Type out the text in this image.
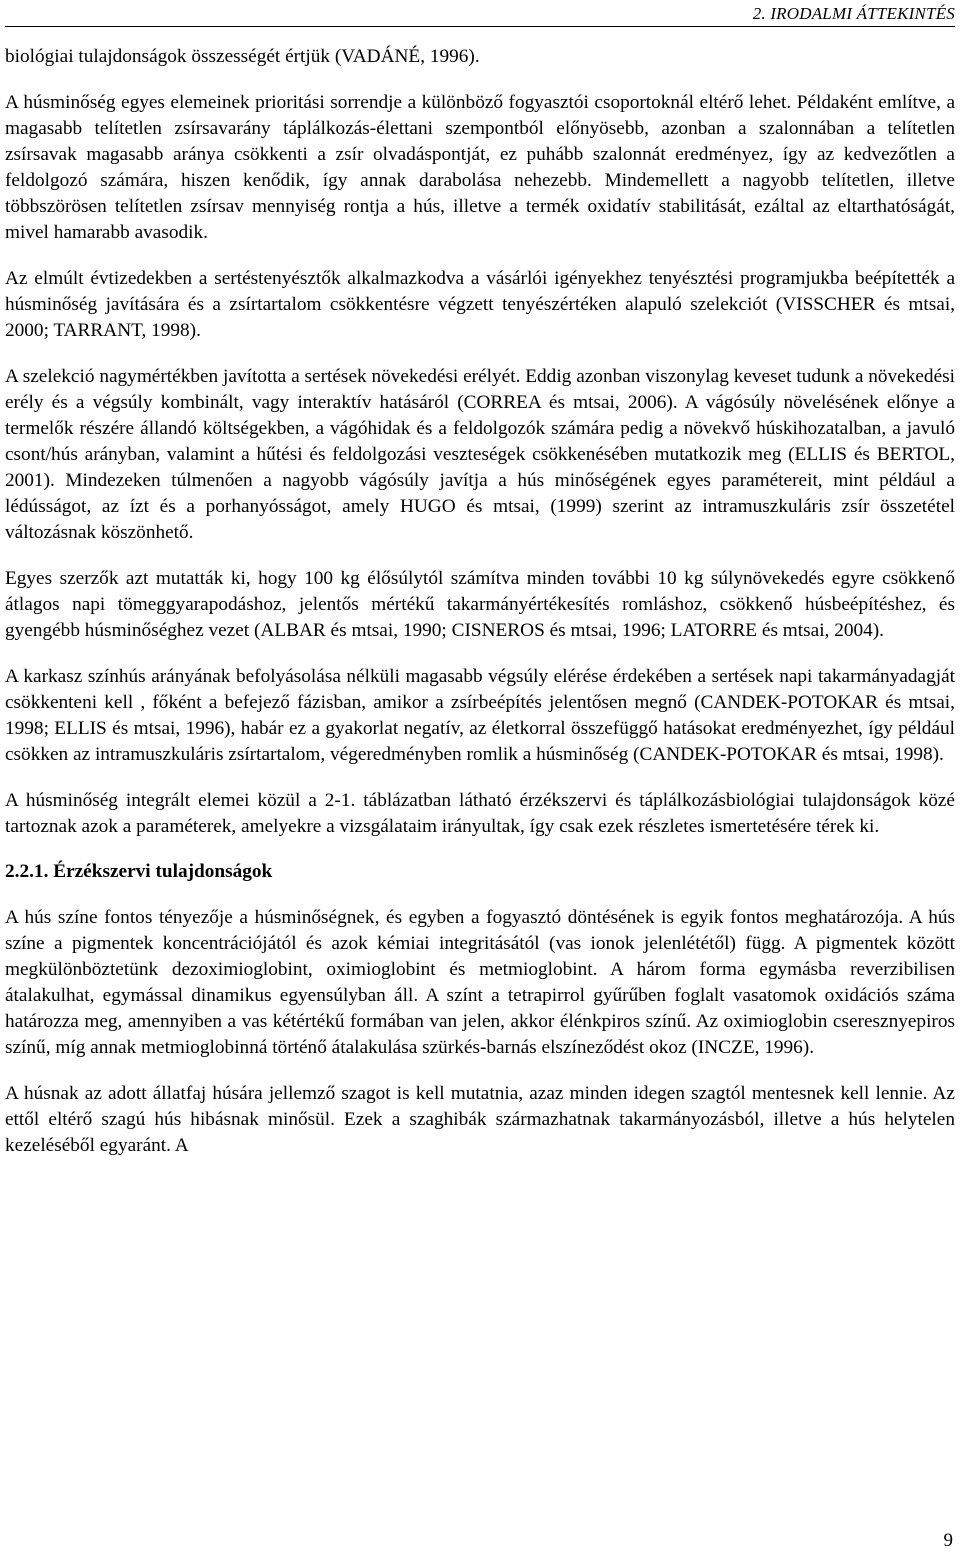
2. IRODALMI ÁTTEKINTÉS

biológiai tulajdonságok összességét értjük (VADÁNÉ, 1996).

A húsminőség egyes elemeinek prioritási sorrendje a különböző fogyasztói csoportoknál eltérő lehet. Példaként említve, a magasabb telítetlen zsírsavarány táplálkozás-élettani szempontból előnyösebb, azonban a szalonnában a telítetlen zsírsavak magasabb aránya csökkenti a zsír olvadáspontját, ez puhább szalonnát eredményez, így az kedvezőtlen a feldolgozó számára, hiszen kenődik, így annak darabolása nehezebb. Mindemellett a nagyobb telítetlen, illetve többszörösen telítetlen zsírsav mennyiség rontja a hús, illetve a termék oxidatív stabilitását, ezáltal az eltarthatóságát, mivel hamarabb avasodik.

Az elmúlt évtizedekben a sertéstenyésztők alkalmazkodva a vásárlói igényekhez tenyésztési programjukba beépítették a húsminőség javítására és a zsírtartalom csökkentésre végzett tenyészértéken alapuló szelekciót (VISSCHER és mtsai, 2000; TARRANT, 1998).

A szelekció nagymértékben javította a sertések növekedési erélyét. Eddig azonban viszonylag keveset tudunk a növekedési erély és a végsúly kombinált, vagy interaktív hatásáról (CORREA és mtsai, 2006). A vágósúly növelésének előnye a termelők részére állandó költségekben, a vágóhidak és a feldolgozók számára pedig a növekvő húskihozatalban, a javuló csont/hús arányban, valamint a hűtési és feldolgozási veszteségek csökkenésében mutatkozik meg (ELLIS és BERTOL, 2001). Mindezeken túlmenően a nagyobb vágósúly javítja a hús minőségének egyes paramétereit, mint például a lédússágot, az ízt és a porhanyósságot, amely HUGO és mtsai, (1999) szerint az intramuszkuláris zsír összetétel változásnak köszönhető.

Egyes szerzők azt mutatták ki, hogy 100 kg élősúlytól számítva minden további 10 kg súlynövekedés egyre csökkenő átlagos napi tömeggyarapodáshoz, jelentős mértékű takarmányértékesítés romláshoz, csökkenő húsbeépítéshez, és gyengébb húsminőséghez vezet (ALBAR és mtsai, 1990; CISNEROS és mtsai, 1996; LATORRE és mtsai, 2004).

A karkasz színhús arányának befolyásolása nélküli magasabb végsúly elérése érdekében a sertések napi takarmányadagját csökkenteni kell , főként a befejező fázisban, amikor a zsírbeépítés jelentősen megnő (CANDEK-POTOKAR és mtsai, 1998; ELLIS és mtsai, 1996), habár ez a gyakorlat negatív, az életkorral összefüggő hatásokat eredményezhet, így például csökken az intramuszkuláris zsírtartalom, végeredményben romlik a húsminőség (CANDEK-POTOKAR és mtsai, 1998).

A húsminőség integrált elemei közül a 2-1. táblázatban látható érzékszervi és táplálkozásbiológiai tulajdonságok közé tartoznak azok a paraméterek, amelyekre a vizsgálataim irányultak, így csak ezek részletes ismertetésére térek ki.

2.2.1. Érzékszervi tulajdonságok

A hús színe fontos tényezője a húsminőségnek, és egyben a fogyasztó döntésének is egyik fontos meghatározója. A hús színe a pigmentek koncentrációjától és azok kémiai integritásától (vas ionok jelenlététől) függ. A pigmentek között megkülönböztetünk dezoximioglobint, oximioglobint és metmioglobint. A három forma egymásba reverzibilisen átalakulhat, egymással dinamikus egyensúlyban áll. A színt a tetrapirrol gyűrűben foglalt vasatomok oxidációs száma határozza meg, amennyiben a vas kétértékű formában van jelen, akkor élénkpiros színű. Az oximioglobin cseresznyepiros színű, míg annak metmioglobinná történő átalakulása szürkés-barnás elszíneződést okoz (INCZE, 1996).

A húsnak az adott állatfaj húsára jellemző szagot is kell mutatnia, azaz minden idegen szagtól mentesnek kell lennie. Az ettől eltérő szagú hús hibásnak minősül. Ezek a szaghibák származhatnak takarmányozásból, illetve a hús helytelen kezeléséből egyaránt. A

9
